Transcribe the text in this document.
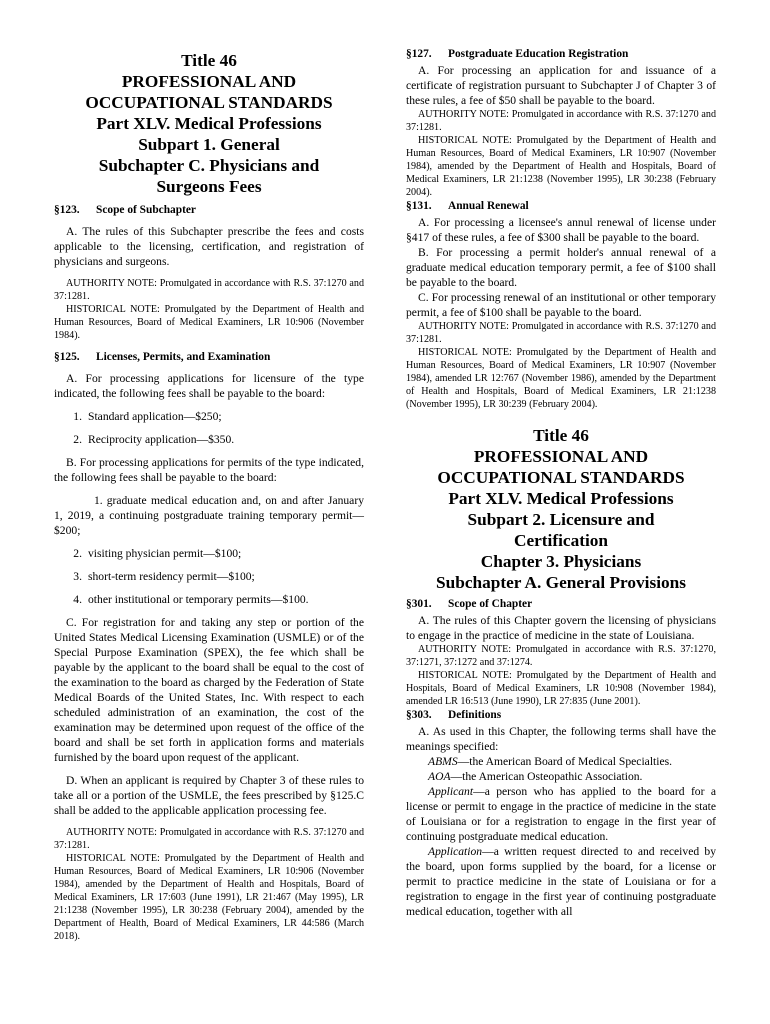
Title 46
PROFESSIONAL AND
OCCUPATIONAL STANDARDS
Part XLV. Medical Professions
Subpart 1. General
Subchapter C. Physicians and
Surgeons Fees
§123. Scope of Subchapter

A. The rules of this Subchapter prescribe the fees and costs applicable to the licensing, certification, and registration of physicians and surgeons.

AUTHORITY NOTE: Promulgated in accordance with R.S. 37:1270 and 37:1281.

HISTORICAL NOTE: Promulgated by the Department of Health and Human Resources, Board of Medical Examiners, LR 10:906 (November 1984).

§125. Licenses, Permits, and Examination

A. For processing applications for licensure of the type indicated, the following fees shall be payable to the board:

1. Standard application—$250;
2. Reciprocity application—$350.

B. For processing applications for permits of the type indicated, the following fees shall be payable to the board:

1. graduate medical education and, on and after January 1, 2019, a continuing postgraduate training temporary permit—$200;
2. visiting physician permit—$100;
3. short-term residency permit—$100;
4. other institutional or temporary permits—$100.

C. For registration for and taking any step or portion of the United States Medical Licensing Examination (USMLE) or of the Special Purpose Examination (SPEX), the fee which shall be payable by the applicant to the board shall be equal to the cost of the examination to the board as charged by the Federation of State Medical Boards of the United States, Inc. With respect to each scheduled administration of an examination, the cost of the examination may be determined upon request of the office of the board and shall be set forth in application forms and materials furnished by the board upon request of the applicant.

D. When an applicant is required by Chapter 3 of these rules to take all or a portion of the USMLE, the fees prescribed by §125.C shall be added to the applicable application processing fee.

AUTHORITY NOTE: Promulgated in accordance with R.S. 37:1270 and 37:1281.

HISTORICAL NOTE: Promulgated by the Department of Health and Human Resources, Board of Medical Examiners, LR 10:906 (November 1984), amended by the Department of Health and Hospitals, Board of Medical Examiners, LR 17:603 (June 1991), LR 21:467 (May 1995), LR 21:1238 (November 1995), LR 30:238 (February 2004), amended by the Department of Health, Board of Medical Examiners, LR 44:586 (March 2018).

§127. Postgraduate Education Registration

A. For processing an application for and issuance of a certificate of registration pursuant to Subchapter J of Chapter 3 of these rules, a fee of $50 shall be payable to the board.

AUTHORITY NOTE: Promulgated in accordance with R.S. 37:1270 and 37:1281.

HISTORICAL NOTE: Promulgated by the Department of Health and Human Resources, Board of Medical Examiners, LR 10:907 (November 1984), amended by the Department of Health and Hospitals, Board of Medical Examiners, LR 21:1238 (November 1995), LR 30:238 (February 2004).

§131. Annual Renewal

A. For processing a licensee's annul renewal of license under §417 of these rules, a fee of $300 shall be payable to the board.

B. For processing a permit holder's annual renewal of a graduate medical education temporary permit, a fee of $100 shall be payable to the board.

C. For processing renewal of an institutional or other temporary permit, a fee of $100 shall be payable to the board.

AUTHORITY NOTE: Promulgated in accordance with R.S. 37:1270 and 37:1281.

HISTORICAL NOTE: Promulgated by the Department of Health and Human Resources, Board of Medical Examiners, LR 10:907 (November 1984), amended LR 12:767 (November 1986), amended by the Department of Health and Hospitals, Board of Medical Examiners, LR 21:1238 (November 1995), LR 30:239 (February 2004).

Title 46
PROFESSIONAL AND
OCCUPATIONAL STANDARDS
Part XLV. Medical Professions
Subpart 2. Licensure and
Certification
Chapter 3. Physicians
Subchapter A. General Provisions
§301. Scope of Chapter

A. The rules of this Chapter govern the licensing of physicians to engage in the practice of medicine in the state of Louisiana.

AUTHORITY NOTE: Promulgated in accordance with R.S. 37:1270, 37:1271, 37:1272 and 37:1274.

HISTORICAL NOTE: Promulgated by the Department of Health and Hospitals, Board of Medical Examiners, LR 10:908 (November 1984), amended LR 16:513 (June 1990), LR 27:835 (June 2001).

§303. Definitions

A. As used in this Chapter, the following terms shall have the meanings specified:

ABMS—the American Board of Medical Specialties.

AOA—the American Osteopathic Association.

Applicant—a person who has applied to the board for a license or permit to engage in the practice of medicine in the state of Louisiana or for a registration to engage in the first year of continuing postgraduate medical education.

Application—a written request directed to and received by the board, upon forms supplied by the board, for a license or permit to practice medicine in the state of Louisiana or for a registration to engage in the first year of continuing postgraduate medical education, together with all
